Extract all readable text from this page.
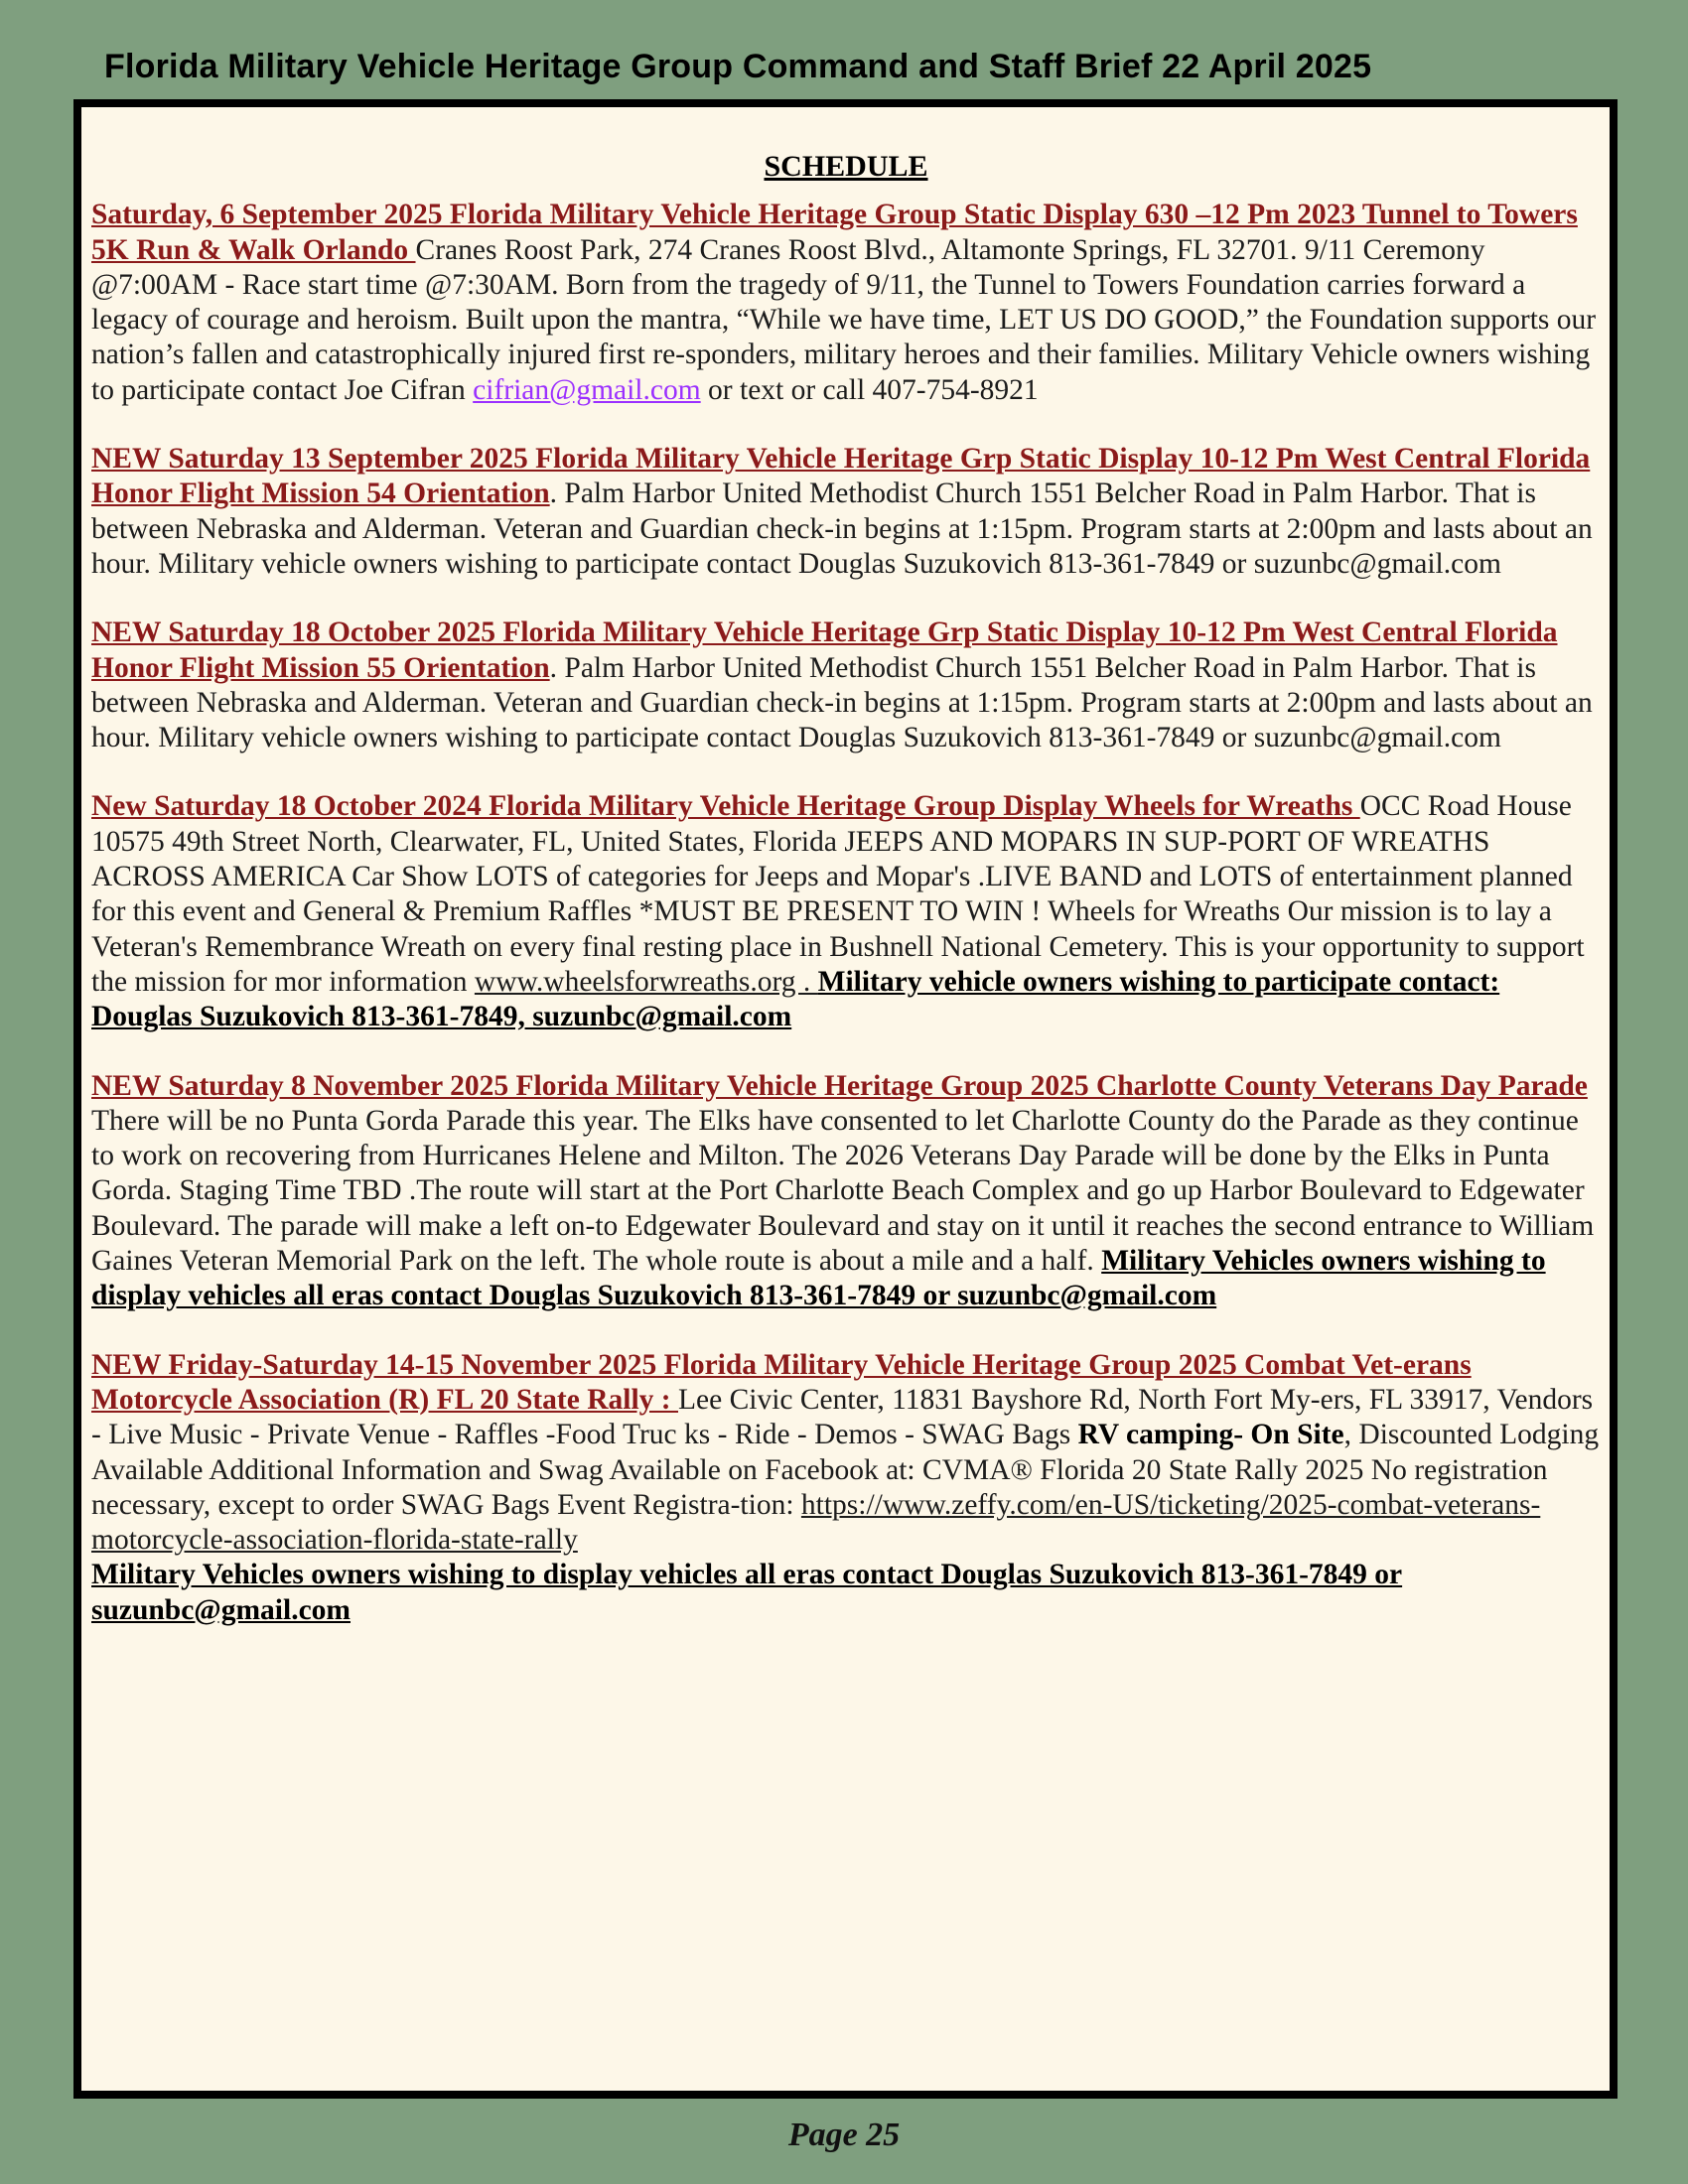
Florida Military Vehicle Heritage Group Command and Staff Brief 22 April 2025
SCHEDULE

Saturday, 6 September 2025 Florida Military Vehicle Heritage Group Static Display 630 –12 Pm 2023 Tunnel to Towers 5K Run & Walk Orlando Cranes Roost Park, 274 Cranes Roost Blvd., Altamonte Springs, FL 32701. 9/11 Ceremony @7:00AM - Race start time @7:30AM. Born from the tragedy of 9/11, the Tunnel to Towers Foundation carries forward a legacy of courage and heroism. Built upon the mantra, “While we have time, LET US DO GOOD,” the Foundation supports our nation’s fallen and catastrophically injured first re-sponders, military heroes and their families. Military Vehicle owners wishing to participate contact Joe Cifran cifrian@gmail.com or text or call 407-754-8921

NEW Saturday 13 September 2025 Florida Military Vehicle Heritage Grp Static Display 10-12 Pm West Central Florida Honor Flight Mission 54 Orientation. Palm Harbor United Methodist Church 1551 Belcher Road in Palm Harbor. That is between Nebraska and Alderman. Veteran and Guardian check-in begins at 1:15pm. Program starts at 2:00pm and lasts about an hour. Military vehicle owners wishing to participate contact Douglas Suzukovich 813-361-7849 or suzunbc@gmail.com

NEW Saturday 18 October 2025 Florida Military Vehicle Heritage Grp Static Display 10-12 Pm West Central Florida Honor Flight Mission 55 Orientation. Palm Harbor United Methodist Church 1551 Belcher Road in Palm Harbor. That is between Nebraska and Alderman. Veteran and Guardian check-in begins at 1:15pm. Program starts at 2:00pm and lasts about an hour. Military vehicle owners wishing to participate contact Douglas Suzukovich 813-361-7849 or suzunbc@gmail.com

New Saturday 18 October 2024 Florida Military Vehicle Heritage Group Display Wheels for Wreaths OCC Road House 10575 49th Street North, Clearwater, FL, United States, Florida JEEPS AND MOPARS IN SUP-PORT OF WREATHS ACROSS AMERICA Car Show LOTS of categories for Jeeps and Mopar's .LIVE BAND and LOTS of entertainment planned for this event and General & Premium Raffles *MUST BE PRESENT TO WIN ! Wheels for Wreaths Our mission is to lay a Veteran's Remembrance Wreath on every final resting place in Bushnell National Cemetery. This is your opportunity to support the mission for mor information www.wheelsforwreaths.org . Military vehicle owners wishing to participate contact: Douglas Suzukovich 813-361-7849, suzunbc@gmail.com

NEW Saturday 8 November 2025 Florida Military Vehicle Heritage Group 2025 Charlotte County Veterans Day Parade There will be no Punta Gorda Parade this year. The Elks have consented to let Charlotte County do the Parade as they continue to work on recovering from Hurricanes Helene and Milton. The 2026 Veterans Day Parade will be done by the Elks in Punta Gorda. Staging Time TBD .The route will start at the Port Charlotte Beach Complex and go up Harbor Boulevard to Edgewater Boulevard. The parade will make a left on-to Edgewater Boulevard and stay on it until it reaches the second entrance to William Gaines Veteran Memorial Park on the left. The whole route is about a mile and a half. Military Vehicles owners wishing to display vehicles all eras contact Douglas Suzukovich 813-361-7849 or suzunbc@gmail.com

NEW Friday-Saturday 14-15 November 2025 Florida Military Vehicle Heritage Group 2025 Combat Vet-erans Motorcycle Association (R) FL 20 State Rally : Lee Civic Center, 11831 Bayshore Rd, North Fort My-ers, FL 33917, Vendors - Live Music - Private Venue - Raffles -Food Truc ks - Ride - Demos - SWAG Bags RV camping- On Site, Discounted Lodging Available Additional Information and Swag Available on Facebook at: CVMA® Florida 20 State Rally 2025 No registration necessary, except to order SWAG Bags Event Registra-tion: https://www.zeffy.com/en-US/ticketing/2025-combat-veterans-motorcycle-association-florida-state-rally
Military Vehicles owners wishing to display vehicles all eras contact Douglas Suzukovich 813-361-7849 or suzunbc@gmail.com

Page 25
